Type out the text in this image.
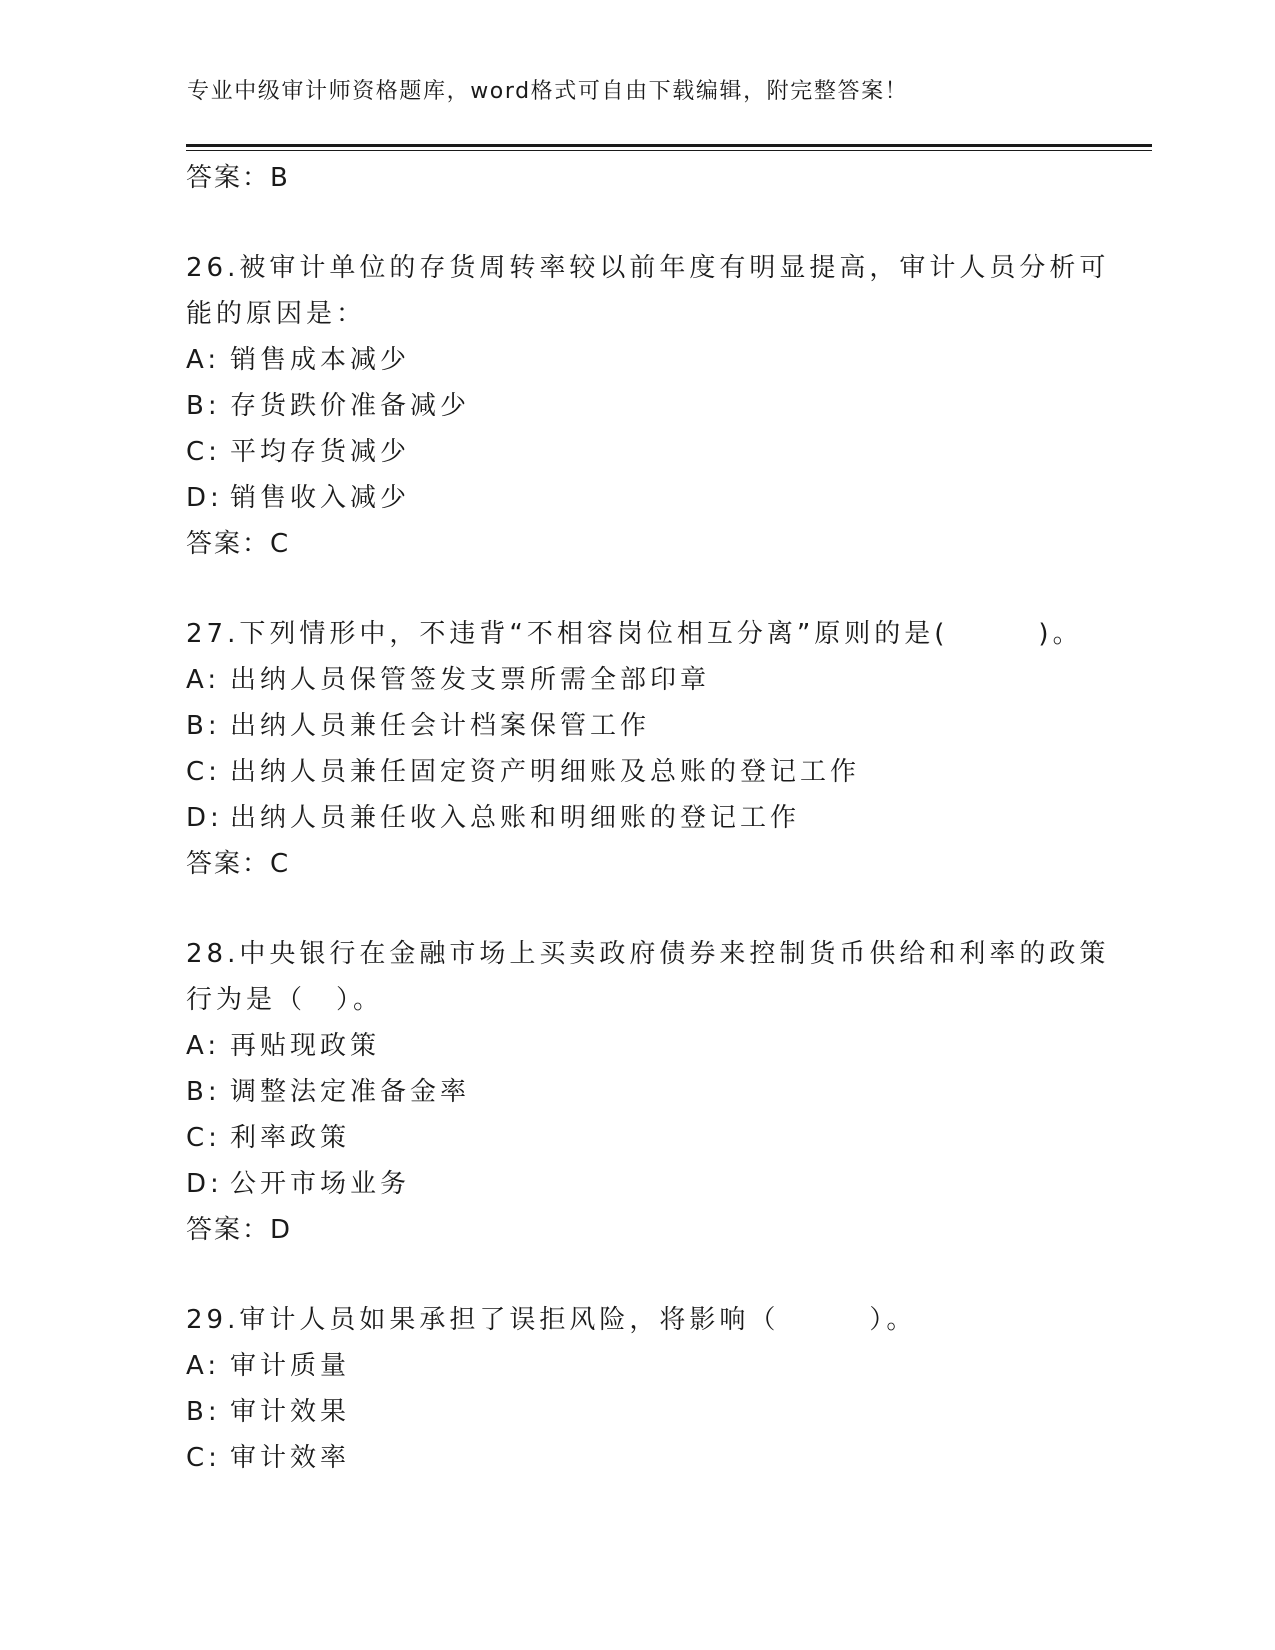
专业中级审计师资格题库，word格式可自由下载编辑，附完整答案！
答案：B
26.被审计单位的存货周转率较以前年度有明显提高，审计人员分析可
能的原因是：
A: 销售成本减少
B: 存货跌价准备减少
C: 平均存货减少
D: 销售收入减少
答案：C
27.下列情形中，不违背“不相容岗位相互分离”原则的是(　　　)。
A: 出纳人员保管签发支票所需全部印章
B: 出纳人员兼任会计档案保管工作
C: 出纳人员兼任固定资产明细账及总账的登记工作
D: 出纳人员兼任收入总账和明细账的登记工作
答案：C
28.中央银行在金融市场上买卖政府债券来控制货币供给和利率的政策
行为是（　）。
A: 再贴现政策
B: 调整法定准备金率
C: 利率政策
D: 公开市场业务
答案：D
29.审计人员如果承担了误拒风险，将影响（　　　）。
A: 审计质量
B: 审计效果
C: 审计效率
